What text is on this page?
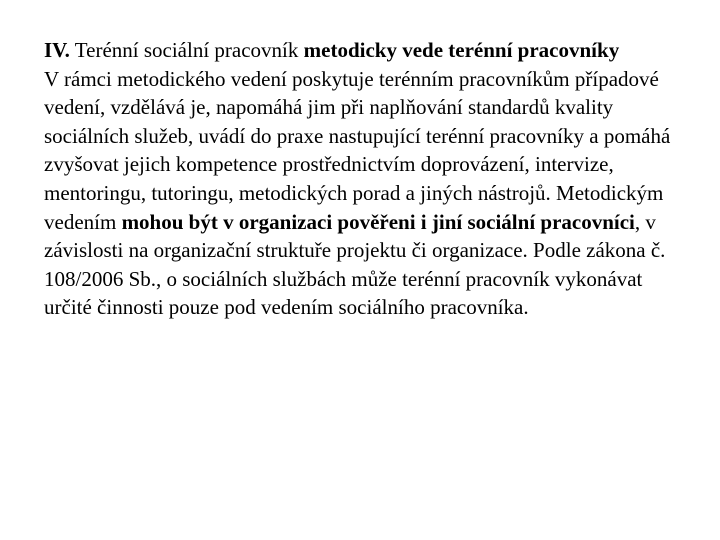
IV. Terénní sociální pracovník metodicky vede terénní pracovníky

V rámci metodického vedení poskytuje terénním pracovníkům případové vedení, vzdělává je, napomáhá jim při naplňování standardů kvality sociálních služeb, uvádí do praxe nastupující terénní pracovníky a pomáhá zvyšovat jejich kompetence prostřednictvím doprovázení, intervize, mentoringu, tutoringu, metodických porad a jiných nástrojů. Metodickým vedením mohou být v organizaci pověřeni i jiní sociální pracovníci, v závislosti na organizační struktuře projektu či organizace. Podle zákona č. 108/2006 Sb., o sociálních službách může terénní pracovník vykonávat určité činnosti pouze pod vedením sociálního pracovníka.
